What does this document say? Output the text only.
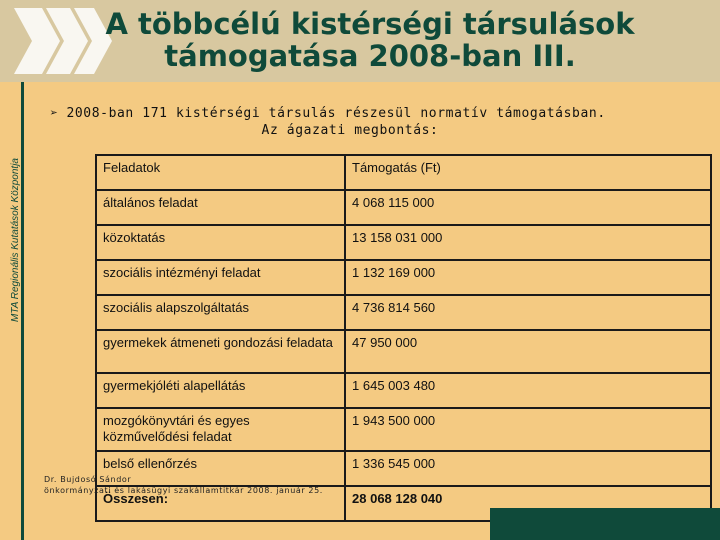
A többcélú kistérségi társulások
támogatása 2008-ban III.
MTA Regionális Kutatások Központja
➢ 2008-ban 171 kistérségi társulás részesül normatív támogatásban.
Az ágazati megbontás:
Feladatok	Támogatás (Ft)
általános feladat	4 068 115 000
közoktatás	13 158 031 000
szociális intézményi feladat	1 132 169 000
szociális alapszolgáltatás	4 736 814 560
gyermekek átmeneti gondozási feladata	47 950 000
gyermekjóléti alapellátás	1 645 003 480
mozgókönyvtári és egyes közművelődési feladat	1 943 500 000
belső ellenőrzés	1 336 545 000
Összesen:	28 068 128 040
Dr. Bujdosó Sándor
önkormányzati és lakásügyi szakállamtitkár 2008. január 25.
